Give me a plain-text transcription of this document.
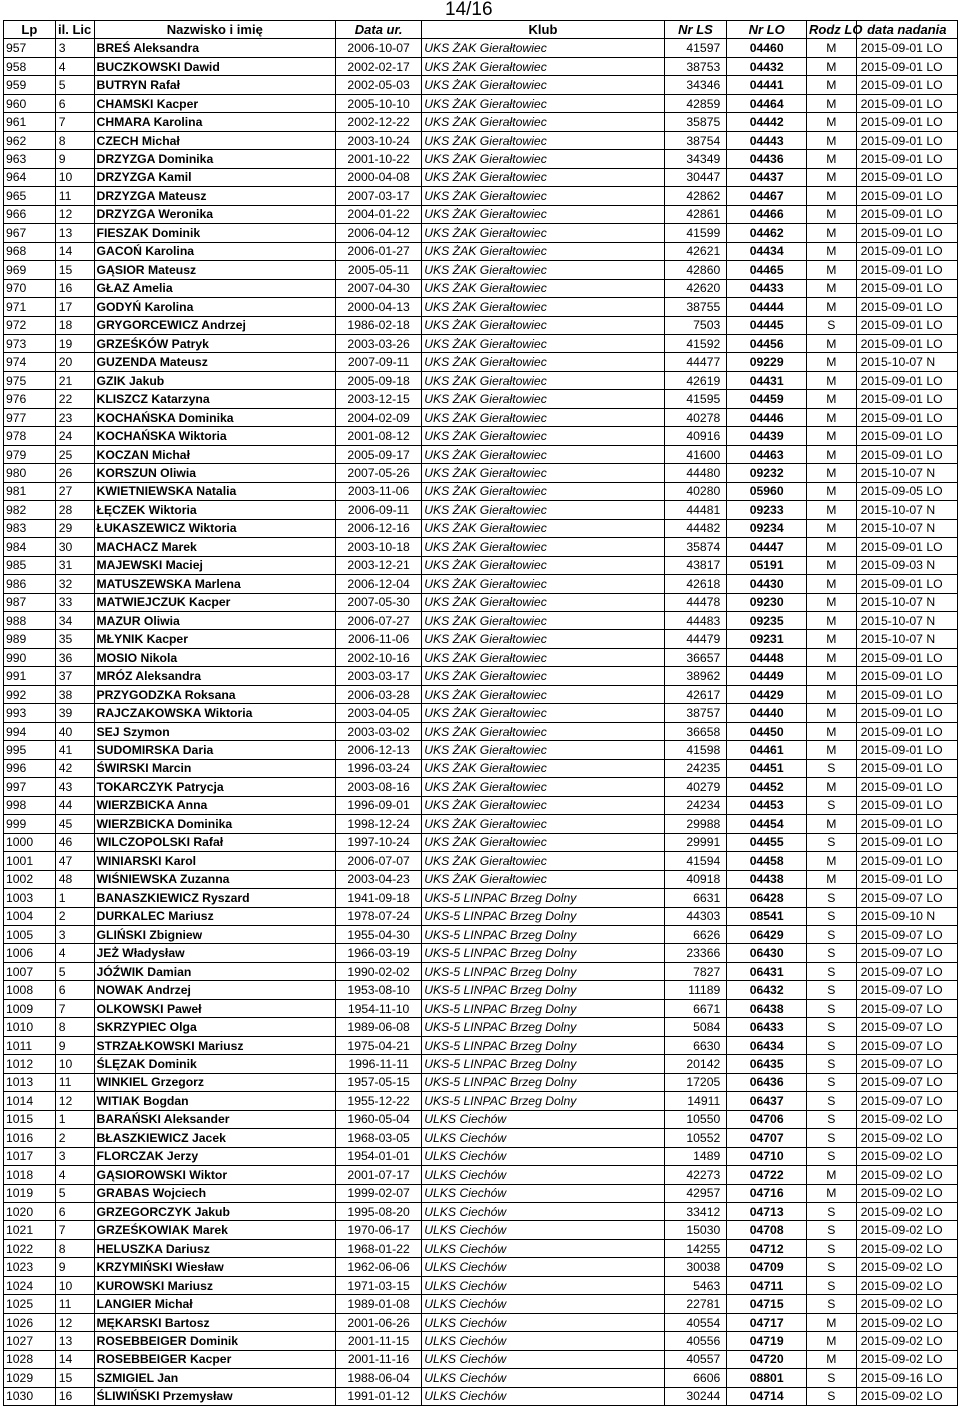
14/16
Lp	il. Lic	Nazwisko i imię	Data ur.	Klub	Nr LS	Nr LO	Rodz LO	data nadania
957	3	BREŚ Aleksandra	2006-10-07	UKS ŻAK Gierałtowiec	41597	04460	M	2015-09-01 LO
958	4	BUCZKOWSKI Dawid	2002-02-17	UKS ŻAK Gierałtowiec	38753	04432	M	2015-09-01 LO
959	5	BUTRYN Rafał	2002-05-03	UKS ŻAK Gierałtowiec	34346	04441	M	2015-09-01 LO
960	6	CHAMSKI Kacper	2005-10-10	UKS ŻAK Gierałtowiec	42859	04464	M	2015-09-01 LO
961	7	CHMARA Karolina	2002-12-22	UKS ŻAK Gierałtowiec	35875	04442	M	2015-09-01 LO
962	8	CZECH Michał	2003-10-24	UKS ŻAK Gierałtowiec	38754	04443	M	2015-09-01 LO
963	9	DRZYZGA Dominika	2001-10-22	UKS ŻAK Gierałtowiec	34349	04436	M	2015-09-01 LO
964	10	DRZYZGA Kamil	2000-04-08	UKS ŻAK Gierałtowiec	30447	04437	M	2015-09-01 LO
965	11	DRZYZGA Mateusz	2007-03-17	UKS ŻAK Gierałtowiec	42862	04467	M	2015-09-01 LO
966	12	DRZYZGA Weronika	2004-01-22	UKS ŻAK Gierałtowiec	42861	04466	M	2015-09-01 LO
967	13	FIESZAK Dominik	2006-04-12	UKS ŻAK Gierałtowiec	41599	04462	M	2015-09-01 LO
968	14	GACOŃ Karolina	2006-01-27	UKS ŻAK Gierałtowiec	42621	04434	M	2015-09-01 LO
969	15	GĄSIOR Mateusz	2005-05-11	UKS ŻAK Gierałtowiec	42860	04465	M	2015-09-01 LO
970	16	GŁAZ Amelia	2007-04-30	UKS ŻAK Gierałtowiec	42620	04433	M	2015-09-01 LO
971	17	GODYŃ Karolina	2000-04-13	UKS ŻAK Gierałtowiec	38755	04444	M	2015-09-01 LO
972	18	GRYGORCEWICZ Andrzej	1986-02-18	UKS ŻAK Gierałtowiec	7503	04445	S	2015-09-01 LO
973	19	GRZEŚKÓW Patryk	2003-03-26	UKS ŻAK Gierałtowiec	41592	04456	M	2015-09-01 LO
974	20	GUZENDA Mateusz	2007-09-11	UKS ŻAK Gierałtowiec	44477	09229	M	2015-10-07 N
975	21	GZIK Jakub	2005-09-18	UKS ŻAK Gierałtowiec	42619	04431	M	2015-09-01 LO
976	22	KLISZCZ Katarzyna	2003-12-15	UKS ŻAK Gierałtowiec	41595	04459	M	2015-09-01 LO
977	23	KOCHAŃSKA Dominika	2004-02-09	UKS ŻAK Gierałtowiec	40278	04446	M	2015-09-01 LO
978	24	KOCHAŃSKA Wiktoria	2001-08-12	UKS ŻAK Gierałtowiec	40916	04439	M	2015-09-01 LO
979	25	KOCZAN Michał	2005-09-17	UKS ŻAK Gierałtowiec	41600	04463	M	2015-09-01 LO
980	26	KORSZUN Oliwia	2007-05-26	UKS ŻAK Gierałtowiec	44480	09232	M	2015-10-07 N
981	27	KWIETNIEWSKA Natalia	2003-11-06	UKS ŻAK Gierałtowiec	40280	05960	M	2015-09-05 LO
982	28	ŁĘCZEK Wiktoria	2006-09-11	UKS ŻAK Gierałtowiec	44481	09233	M	2015-10-07 N
983	29	ŁUKASZEWICZ Wiktoria	2006-12-16	UKS ŻAK Gierałtowiec	44482	09234	M	2015-10-07 N
984	30	MACHACZ Marek	2003-10-18	UKS ŻAK Gierałtowiec	35874	04447	M	2015-09-01 LO
985	31	MAJEWSKI Maciej	2003-12-21	UKS ŻAK Gierałtowiec	43817	05191	M	2015-09-03 N
986	32	MATUSZEWSKA Marlena	2006-12-04	UKS ŻAK Gierałtowiec	42618	04430	M	2015-09-01 LO
987	33	MATWIEJCZUK Kacper	2007-05-30	UKS ŻAK Gierałtowiec	44478	09230	M	2015-10-07 N
988	34	MAZUR Oliwia	2006-07-27	UKS ŻAK Gierałtowiec	44483	09235	M	2015-10-07 N
989	35	MŁYNIK Kacper	2006-11-06	UKS ŻAK Gierałtowiec	44479	09231	M	2015-10-07 N
990	36	MOSIO Nikola	2002-10-16	UKS ŻAK Gierałtowiec	36657	04448	M	2015-09-01 LO
991	37	MRÓZ Aleksandra	2003-03-17	UKS ŻAK Gierałtowiec	38962	04449	M	2015-09-01 LO
992	38	PRZYGODZKA Roksana	2006-03-28	UKS ŻAK Gierałtowiec	42617	04429	M	2015-09-01 LO
993	39	RAJCZAKOWSKA Wiktoria	2003-04-05	UKS ŻAK Gierałtowiec	38757	04440	M	2015-09-01 LO
994	40	SEJ Szymon	2003-03-02	UKS ŻAK Gierałtowiec	36658	04450	M	2015-09-01 LO
995	41	SUDOMIRSKA Daria	2006-12-13	UKS ŻAK Gierałtowiec	41598	04461	M	2015-09-01 LO
996	42	ŚWIRSKI Marcin	1996-03-24	UKS ŻAK Gierałtowiec	24235	04451	S	2015-09-01 LO
997	43	TOKARCZYK Patrycja	2003-08-16	UKS ŻAK Gierałtowiec	40279	04452	M	2015-09-01 LO
998	44	WIERZBICKA Anna	1996-09-01	UKS ŻAK Gierałtowiec	24234	04453	S	2015-09-01 LO
999	45	WIERZBICKA Dominika	1998-12-24	UKS ŻAK Gierałtowiec	29988	04454	M	2015-09-01 LO
1000	46	WILCZOPOLSKI Rafał	1997-10-24	UKS ŻAK Gierałtowiec	29991	04455	S	2015-09-01 LO
1001	47	WINIARSKI Karol	2006-07-07	UKS ŻAK Gierałtowiec	41594	04458	M	2015-09-01 LO
1002	48	WIŚNIEWSKA Zuzanna	2003-04-23	UKS ŻAK Gierałtowiec	40918	04438	M	2015-09-01 LO
1003	1	BANASZKIEWICZ Ryszard	1941-09-18	UKS-5 LINPAC Brzeg Dolny	6631	06428	S	2015-09-07 LO
1004	2	DURKALEC Mariusz	1978-07-24	UKS-5 LINPAC Brzeg Dolny	44303	08541	S	2015-09-10 N
1005	3	GLIŃSKI Zbigniew	1955-04-30	UKS-5 LINPAC Brzeg Dolny	6626	06429	S	2015-09-07 LO
1006	4	JEŻ Władysław	1966-03-19	UKS-5 LINPAC Brzeg Dolny	23366	06430	S	2015-09-07 LO
1007	5	JÓŹWIK Damian	1990-02-02	UKS-5 LINPAC Brzeg Dolny	7827	06431	S	2015-09-07 LO
1008	6	NOWAK Andrzej	1953-08-10	UKS-5 LINPAC Brzeg Dolny	11189	06432	S	2015-09-07 LO
1009	7	OLKOWSKI Paweł	1954-11-10	UKS-5 LINPAC Brzeg Dolny	6671	06438	S	2015-09-07 LO
1010	8	SKRZYPIEC Olga	1989-06-08	UKS-5 LINPAC Brzeg Dolny	5084	06433	S	2015-09-07 LO
1011	9	STRZAŁKOWSKI Mariusz	1975-04-21	UKS-5 LINPAC Brzeg Dolny	6630	06434	S	2015-09-07 LO
1012	10	ŚLĘZAK Dominik	1996-11-11	UKS-5 LINPAC Brzeg Dolny	20142	06435	S	2015-09-07 LO
1013	11	WINKIEL Grzegorz	1957-05-15	UKS-5 LINPAC Brzeg Dolny	17205	06436	S	2015-09-07 LO
1014	12	WITIAK Bogdan	1955-12-22	UKS-5 LINPAC Brzeg Dolny	14911	06437	S	2015-09-07 LO
1015	1	BARAŃSKI Aleksander	1960-05-04	ULKS Ciechów	10550	04706	S	2015-09-02 LO
1016	2	BŁASZKIEWICZ Jacek	1968-03-05	ULKS Ciechów	10552	04707	S	2015-09-02 LO
1017	3	FLORCZAK Jerzy	1954-01-01	ULKS Ciechów	1489	04710	S	2015-09-02 LO
1018	4	GĄSIOROWSKI Wiktor	2001-07-17	ULKS Ciechów	42273	04722	M	2015-09-02 LO
1019	5	GRABAS Wojciech	1999-02-07	ULKS Ciechów	42957	04716	M	2015-09-02 LO
1020	6	GRZEGORCZYK Jakub	1995-08-20	ULKS Ciechów	33412	04713	S	2015-09-02 LO
1021	7	GRZEŚKOWIAK Marek	1970-06-17	ULKS Ciechów	15030	04708	S	2015-09-02 LO
1022	8	HELUSZKA Dariusz	1968-01-22	ULKS Ciechów	14255	04712	S	2015-09-02 LO
1023	9	KRZYMIŃSKI Wiesław	1962-06-06	ULKS Ciechów	30038	04709	S	2015-09-02 LO
1024	10	KUROWSKI Mariusz	1971-03-15	ULKS Ciechów	5463	04711	S	2015-09-02 LO
1025	11	LANGIER Michał	1989-01-08	ULKS Ciechów	22781	04715	S	2015-09-02 LO
1026	12	MĘKARSKI Bartosz	2001-06-26	ULKS Ciechów	40554	04717	M	2015-09-02 LO
1027	13	ROSEBBEIGER Dominik	2001-11-15	ULKS Ciechów	40556	04719	M	2015-09-02 LO
1028	14	ROSEBBEIGER Kacper	2001-11-16	ULKS Ciechów	40557	04720	M	2015-09-02 LO
1029	15	SZMIGIEL Jan	1988-06-04	ULKS Ciechów	6606	08801	S	2015-09-16 LO
1030	16	ŚLIWIŃSKI Przemysław	1991-01-12	ULKS Ciechów	30244	04714	S	2015-09-02 LO
